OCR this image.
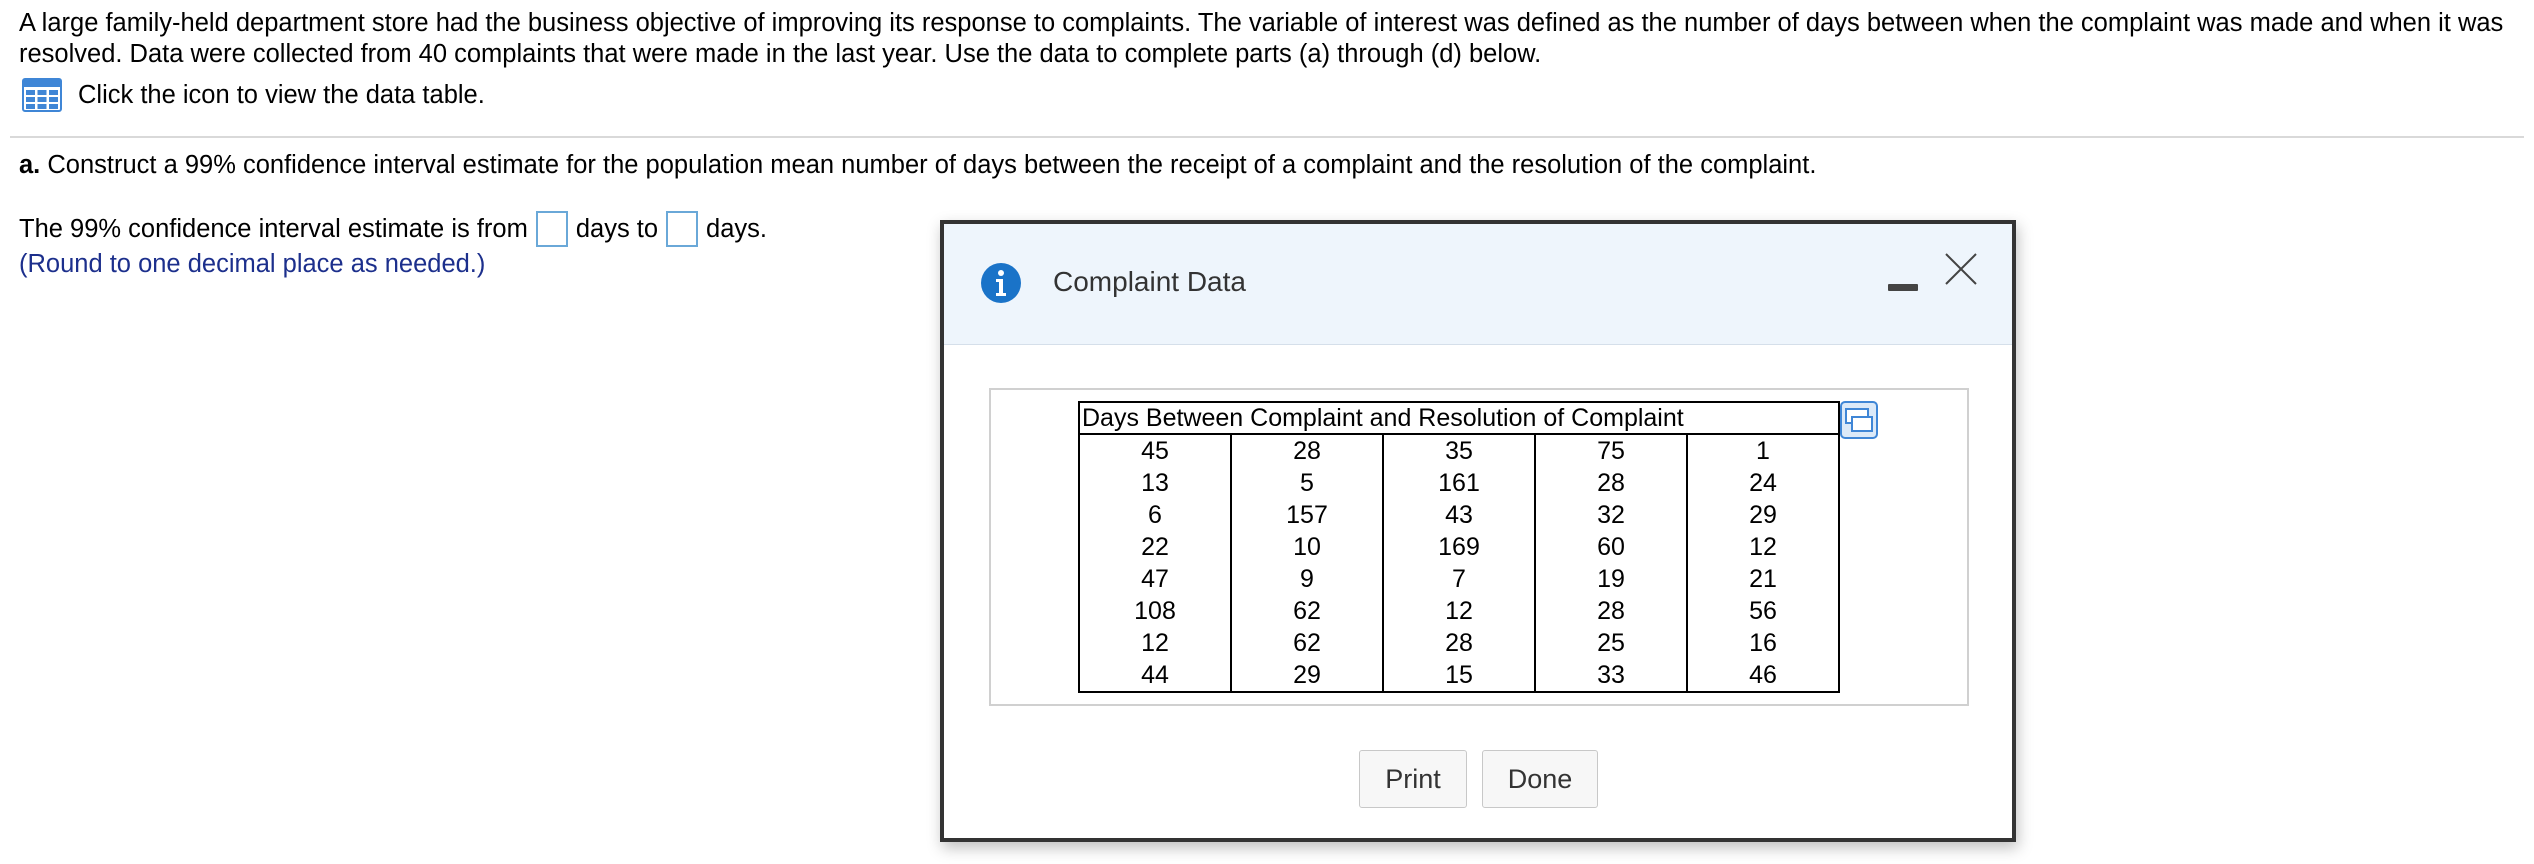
A large family-held department store had the business objective of improving its response to complaints. The variable of interest was defined as the number of days between when the complaint was made and when it was resolved. Data were collected from 40 complaints that were made in the last year. Use the data to complete parts (a) through (d) below.
Click the icon to view the data table.
a. Construct a 99% confidence interval estimate for the population mean number of days between the receipt of a complaint and the resolution of the complaint.
The 99% confidence interval estimate is from days to days.
(Round to one decimal place as needed.)
Complaint Data
Days Between Complaint and Resolution of Complaint				
45	28	35	75	1
13	5	161	28	24
6	157	43	32	29
22	10	169	60	12
47	9	7	19	21
108	62	12	28	56
12	62	28	25	16
44	29	15	33	46
Print	Done
